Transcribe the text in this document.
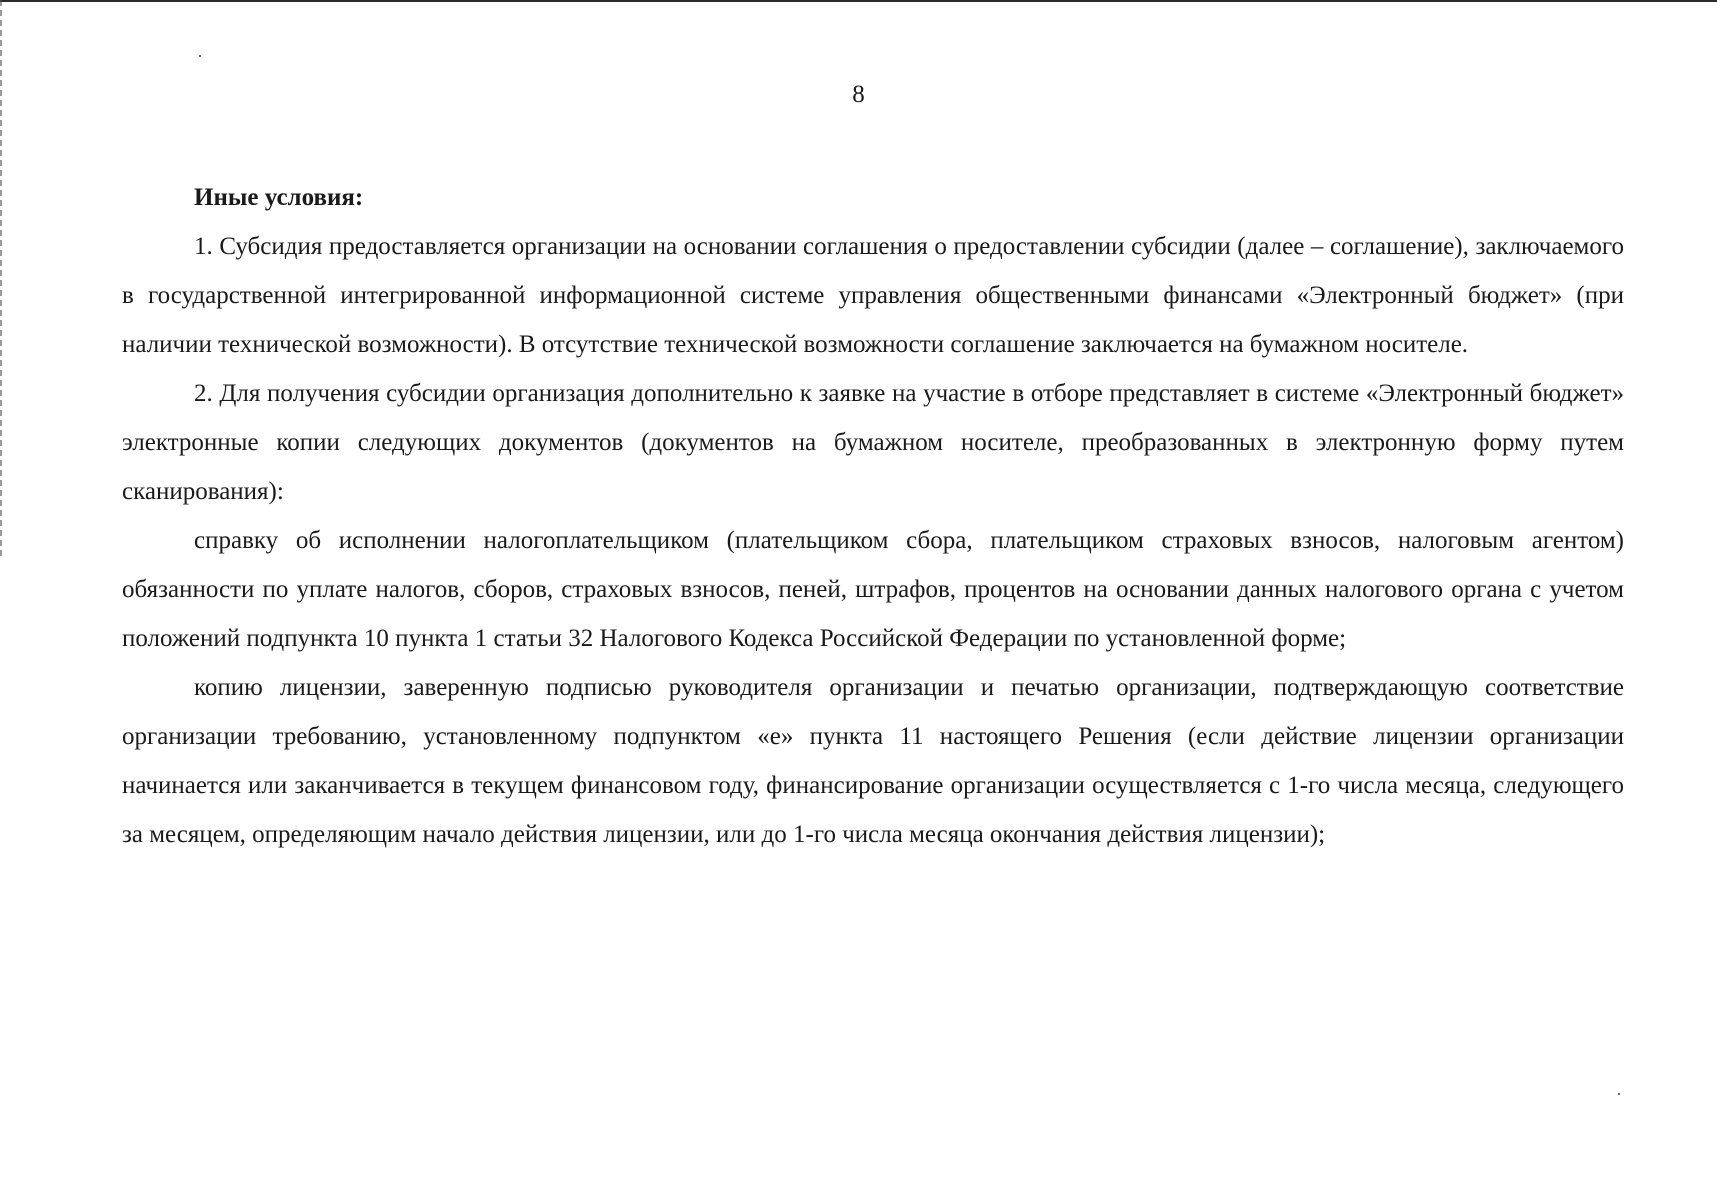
8

Иные условия:

1. Субсидия предоставляется организации на основании соглашения о предоставлении субсидии (далее – соглашение), заключаемого в государственной интегрированной информационной системе управления общественными финансами «Электронный бюджет» (при наличии технической возможности). В отсутствие технической возможности соглашение заключается на бумажном носителе.

2. Для получения субсидии организация дополнительно к заявке на участие в отборе представляет в системе «Электронный бюджет» электронные копии следующих документов (документов на бумажном носителе, преобразованных в электронную форму путем сканирования):

справку об исполнении налогоплательщиком (плательщиком сбора, плательщиком страховых взносов, налоговым агентом) обязанности по уплате налогов, сборов, страховых взносов, пеней, штрафов, процентов на основании данных налогового органа с учетом положений подпункта 10 пункта 1 статьи 32 Налогового Кодекса Российской Федерации по установленной форме;

копию лицензии, заверенную подписью руководителя организации и печатью организации, подтверждающую соответствие организации требованию, установленному подпунктом «е» пункта 11 настоящего Решения (если действие лицензии организации начинается или заканчивается в текущем финансовом году, финансирование организации осуществляется с 1-го числа месяца, следующего за месяцем, определяющим начало действия лицензии, или до 1-го числа месяца окончания действия лицензии);
